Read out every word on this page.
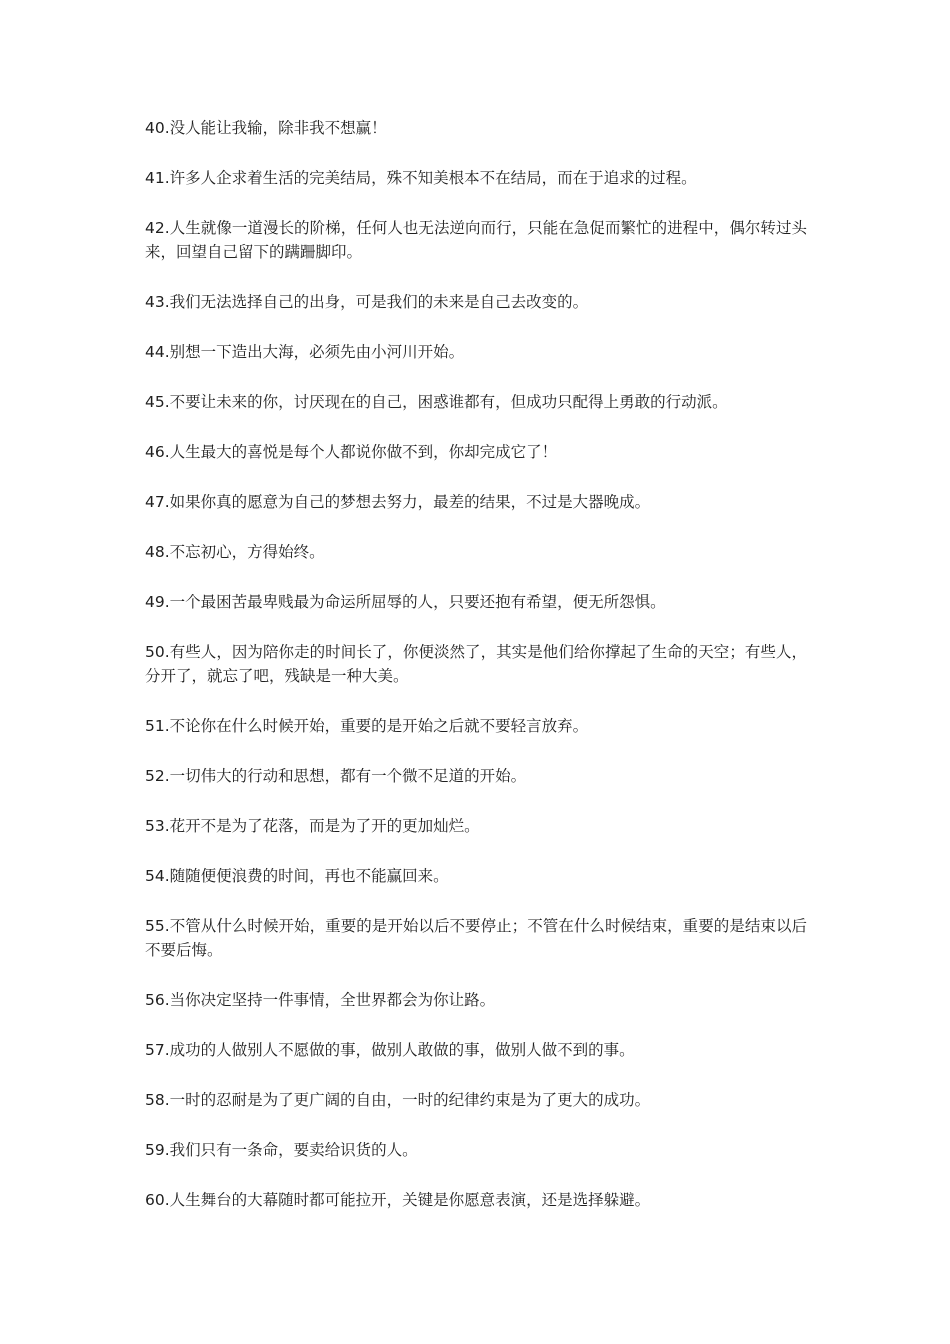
40.没人能让我输，除非我不想赢！

41.许多人企求着生活的完美结局，殊不知美根本不在结局，而在于追求的过程。

42.人生就像一道漫长的阶梯，任何人也无法逆向而行，只能在急促而繁忙的进程中，偶尔转过头来，回望自己留下的蹒跚脚印。

43.我们无法选择自己的出身，可是我们的未来是自己去改变的。

44.别想一下造出大海，必须先由小河川开始。

45.不要让未来的你，讨厌现在的自己，困惑谁都有，但成功只配得上勇敢的行动派。

46.人生最大的喜悦是每个人都说你做不到，你却完成它了！

47.如果你真的愿意为自己的梦想去努力，最差的结果，不过是大器晚成。

48.不忘初心，方得始终。

49.一个最困苦最卑贱最为命运所屈辱的人，只要还抱有希望，便无所怨惧。

50.有些人，因为陪你走的时间长了，你便淡然了，其实是他们给你撑起了生命的天空；有些人，分开了，就忘了吧，残缺是一种大美。

51.不论你在什么时候开始，重要的是开始之后就不要轻言放弃。

52.一切伟大的行动和思想，都有一个微不足道的开始。

53.花开不是为了花落，而是为了开的更加灿烂。

54.随随便便浪费的时间，再也不能赢回来。

55.不管从什么时候开始，重要的是开始以后不要停止；不管在什么时候结束，重要的是结束以后不要后悔。

56.当你决定坚持一件事情，全世界都会为你让路。

57.成功的人做别人不愿做的事，做别人敢做的事，做别人做不到的事。

58.一时的忍耐是为了更广阔的自由，一时的纪律约束是为了更大的成功。

59.我们只有一条命，要卖给识货的人。

60.人生舞台的大幕随时都可能拉开，关键是你愿意表演，还是选择躲避。
